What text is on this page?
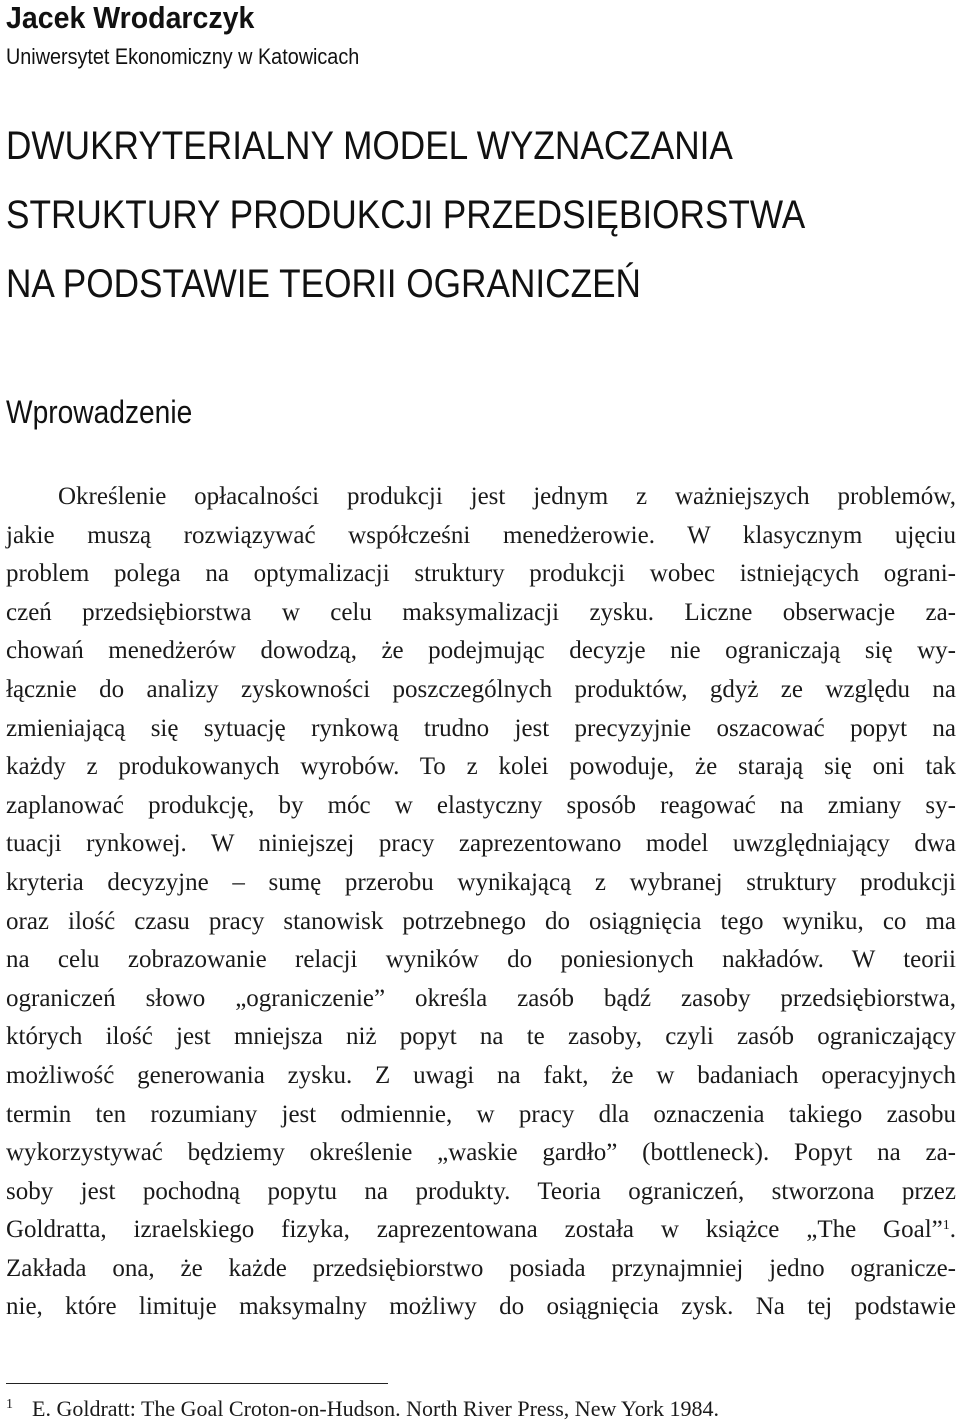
Jacek Wrodarczyk
Uniwersytet Ekonomiczny w Katowicach
DWUKRYTERIALNY MODEL WYZNACZANIA
STRUKTURY PRODUKCJI PRZEDSIĘBIORSTWA
NA PODSTAWIE TEORII OGRANICZEŃ
Wprowadzenie
Określenie opłacalności produkcji jest jednym z ważniejszych problemów,
jakie muszą rozwiązywać współcześni menedżerowie. W klasycznym ujęciu
problem polega na optymalizacji struktury produkcji wobec istniejących ograni-
czeń przedsiębiorstwa w celu maksymalizacji zysku. Liczne obserwacje za-
chowań menedżerów dowodzą, że podejmując decyzje nie ograniczają się wy-
łącznie do analizy zyskowności poszczególnych produktów, gdyż ze względu na
zmieniającą się sytuację rynkową trudno jest precyzyjnie oszacować popyt na
każdy z produkowanych wyrobów. To z kolei powoduje, że starają się oni tak
zaplanować produkcję, by móc w elastyczny sposób reagować na zmiany sy-
tuacji rynkowej. W niniejszej pracy zaprezentowano model uwzględniający dwa
kryteria decyzyjne – sumę przerobu wynikającą z wybranej struktury produkcji
oraz ilość czasu pracy stanowisk potrzebnego do osiągnięcia tego wyniku, co ma
na celu zobrazowanie relacji wyników do poniesionych nakładów. W teorii
ograniczeń słowo „ograniczenie” określa zasób bądź zasoby przedsiębiorstwa,
których ilość jest mniejsza niż popyt na te zasoby, czyli zasób ograniczający
możliwość generowania zysku. Z uwagi na fakt, że w badaniach operacyjnych
termin ten rozumiany jest odmiennie, w pracy dla oznaczenia takiego zasobu
wykorzystywać będziemy określenie „waskie gardło” (bottleneck). Popyt na za-
soby jest pochodną popytu na produkty. Teoria ograniczeń, stworzona przez
Goldratta, izraelskiego fizyka, zaprezentowana została w książce „The Goal”$^1$.
Zakłada ona, że każde przedsiębiorstwo posiada przynajmniej jedno ogranicze-
nie, które limituje maksymalny możliwy do osiągnięcia zysk. Na tej podstawie
$^1$ E. Goldratt: The Goal Croton-on-Hudson. North River Press, New York 1984.
